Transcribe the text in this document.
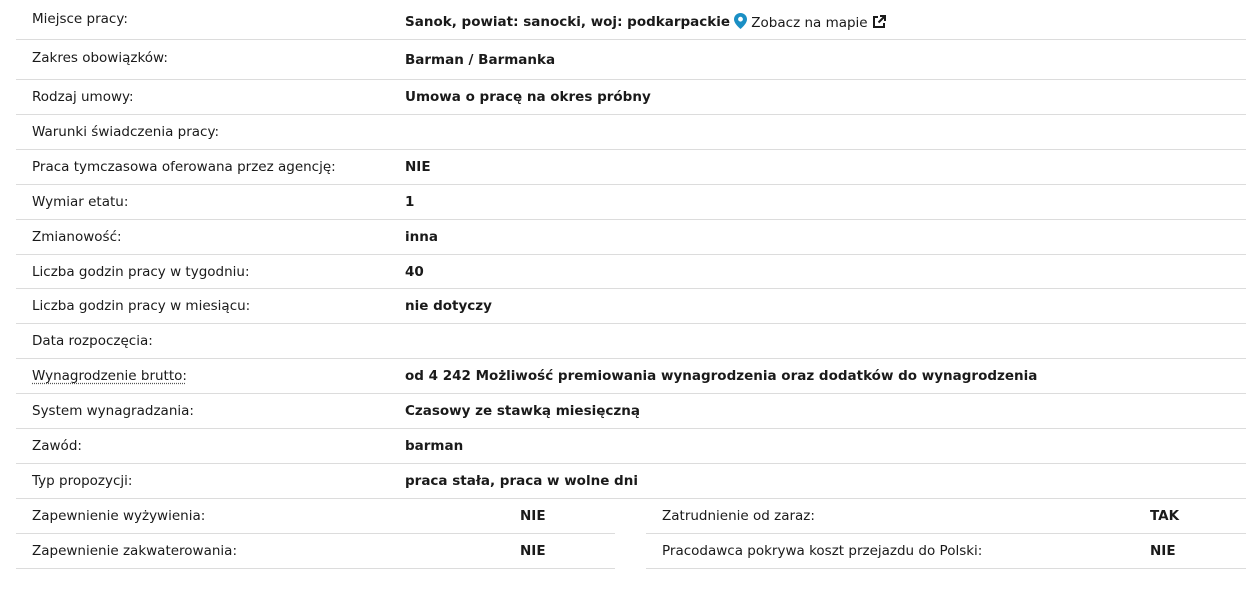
Miejsce pracy:	Sanok, powiat: sanocki, woj: podkarpackie	Zobacz na mapie
Zakres obowiązków:	Barman / Barmanka
Rodzaj umowy:	Umowa o pracę na okres próbny
Warunki świadczenia pracy:
Praca tymczasowa oferowana przez agencję:	NIE
Wymiar etatu:	1
Zmianowość:	inna
Liczba godzin pracy w tygodniu:	40
Liczba godzin pracy w miesiącu:	nie dotyczy
Data rozpoczęcia:
Wynagrodzenie brutto:	od 4 242 Możliwość premiowania wynagrodzenia oraz dodatków do wynagrodzenia
System wynagradzania:	Czasowy ze stawką miesięczną
Zawód:	barman
Typ propozycji:	praca stała, praca w wolne dni
Zapewnienie wyżywienia:	NIE
Zapewnienie zakwaterowania:	NIE
Zatrudnienie od zaraz:	TAK
Pracodawca pokrywa koszt przejazdu do Polski:	NIE
